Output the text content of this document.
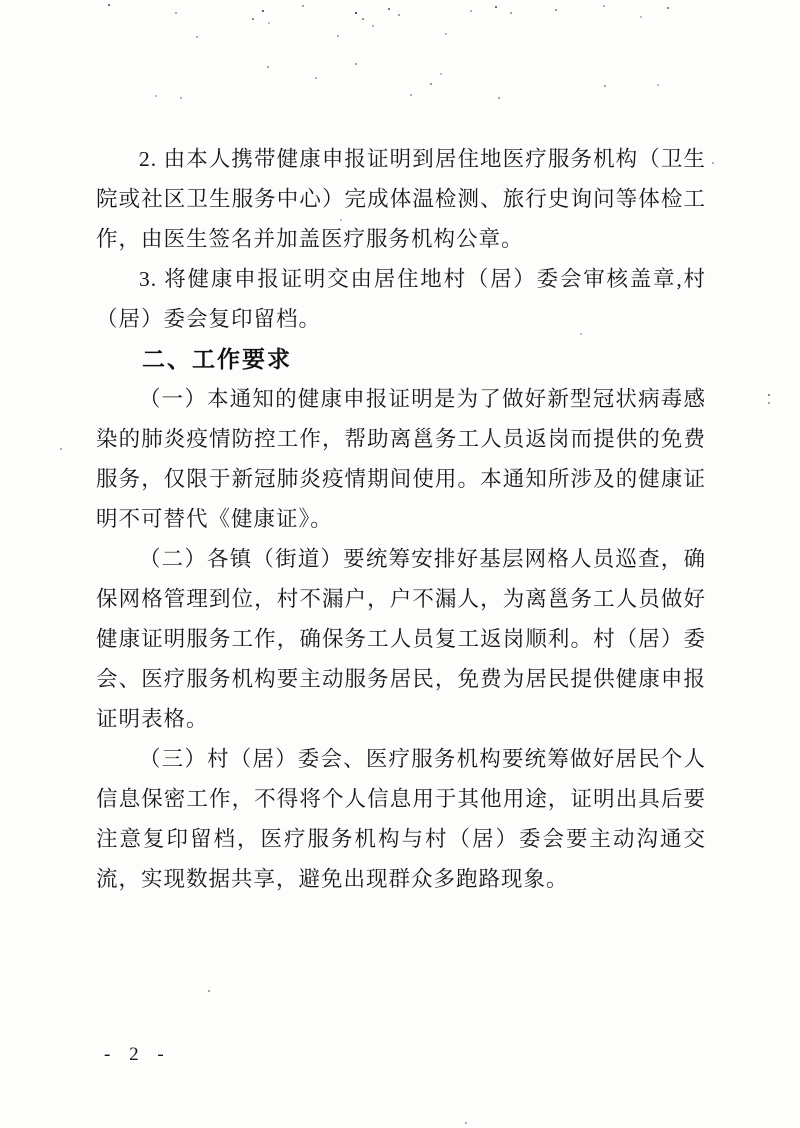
2. 由本人携带健康申报证明到居住地医疗服务机构（卫生院或社区卫生服务中心）完成体温检测、旅行史询问等体检工作，由医生签名并加盖医疗服务机构公章。

3. 将健康申报证明交由居住地村（居）委会审核盖章,村（居）委会复印留档。

二、工作要求

（一）本通知的健康申报证明是为了做好新型冠状病毒感染的肺炎疫情防控工作，帮助离邕务工人员返岗而提供的免费服务，仅限于新冠肺炎疫情期间使用。本通知所涉及的健康证明不可替代《健康证》。

（二）各镇（街道）要统筹安排好基层网格人员巡查，确保网格管理到位，村不漏户，户不漏人，为离邕务工人员做好健康证明服务工作，确保务工人员复工返岗顺利。村（居）委会、医疗服务机构要主动服务居民，免费为居民提供健康申报证明表格。

（三）村（居）委会、医疗服务机构要统筹做好居民个人信息保密工作，不得将个人信息用于其他用途，证明出具后要注意复印留档，医疗服务机构与村（居）委会要主动沟通交流，实现数据共享，避免出现群众多跑路现象。

- 2 -
